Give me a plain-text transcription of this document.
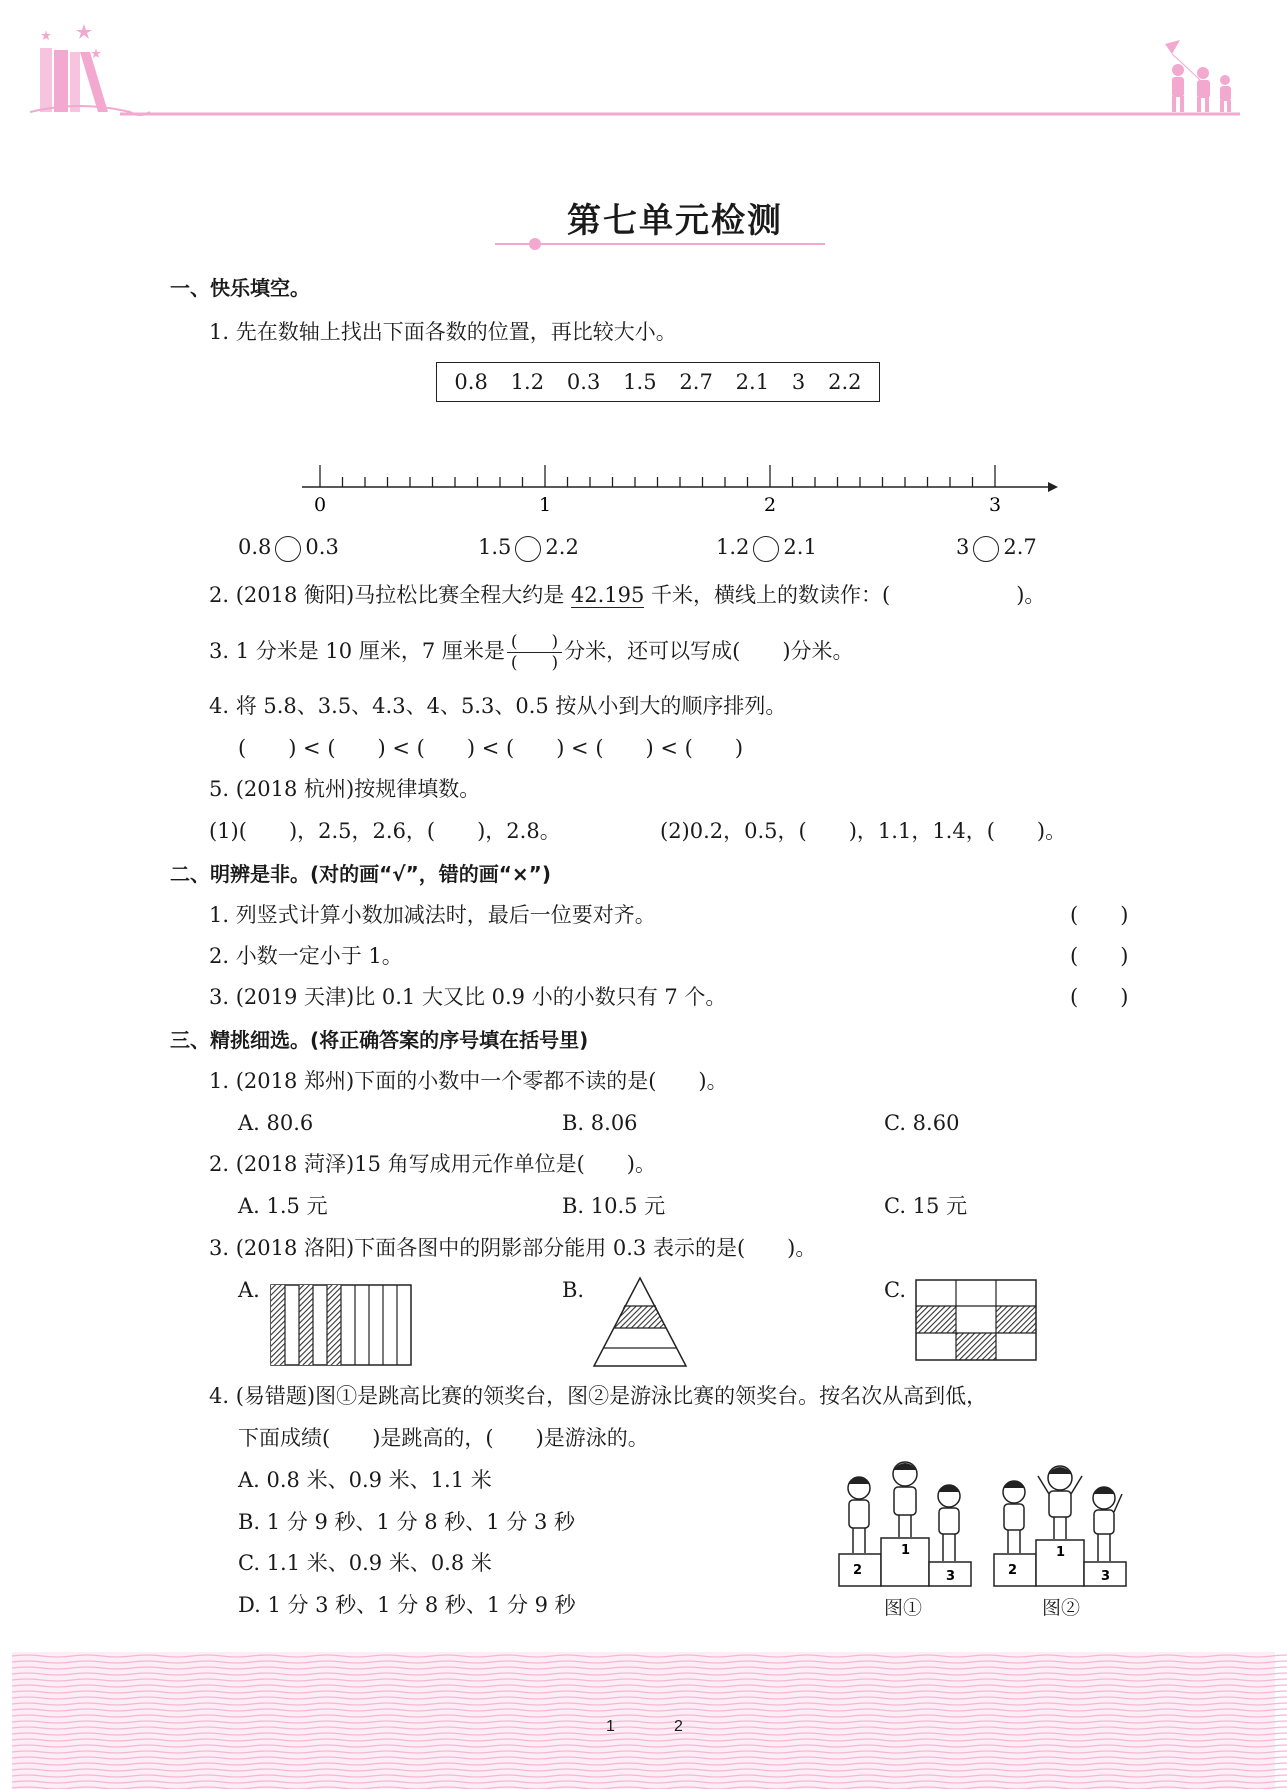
第七单元检测
一、快乐填空。
1. 先在数轴上找出下面各数的位置，再比较大小。
0.8 1.2 0.3 1.5 2.7 2.1 3 2.2
0	1	2	3
0.8 0.3	1.5 2.2	1.2 2.1	3 2.7
2. (2018 衡阳)马拉松比赛全程大约是 42.195 千米，横线上的数读作：(　　　　　　)。
3. 1 分米是 10 厘米，7 厘米是 $\frac{( )}{( )}$ 分米，还可以写成(　　)分米。
4. 将 5.8、3.5、4.3、4、5.3、0.5 按从小到大的顺序排列。
(　　) < (　　) < (　　) < (　　) < (　　) < (　　)
5. (2018 杭州)按规律填数。
(1)(　　)，2.5，2.6，(　　)，2.8。	(2)0.2，0.5，(　　)，1.1，1.4，(　　)。
二、明辨是非。(对的画“√”，错的画“×”)
1. 列竖式计算小数加减法时，最后一位要对齐。	(　　)
2. 小数一定小于 1。	(　　)
3. (2019 天津)比 0.1 大又比 0.9 小的小数只有 7 个。	(　　)
三、精挑细选。(将正确答案的序号填在括号里)
1. (2018 郑州)下面的小数中一个零都不读的是(　　)。
A. 80.6	B. 8.06	C. 8.60
2. (2018 菏泽)15 角写成用元作单位是(　　)。
A. 1.5 元	B. 10.5 元	C. 15 元
3. (2018 洛阳)下面各图中的阴影部分能用 0.3 表示的是(　　)。
A.	B.	C.
4. (易错题)图①是跳高比赛的领奖台，图②是游泳比赛的领奖台。按名次从高到低，
下面成绩(　　)是跳高的，(　　)是游泳的。
A. 0.8 米、0.9 米、1.1 米
B. 1 分 9 秒、1 分 8 秒、1 分 3 秒
C. 1.1 米、0.9 米、0.8 米
D. 1 分 3 秒、1 分 8 秒、1 分 9 秒
2
1
3	2
1
3
图①	图②
1	2
